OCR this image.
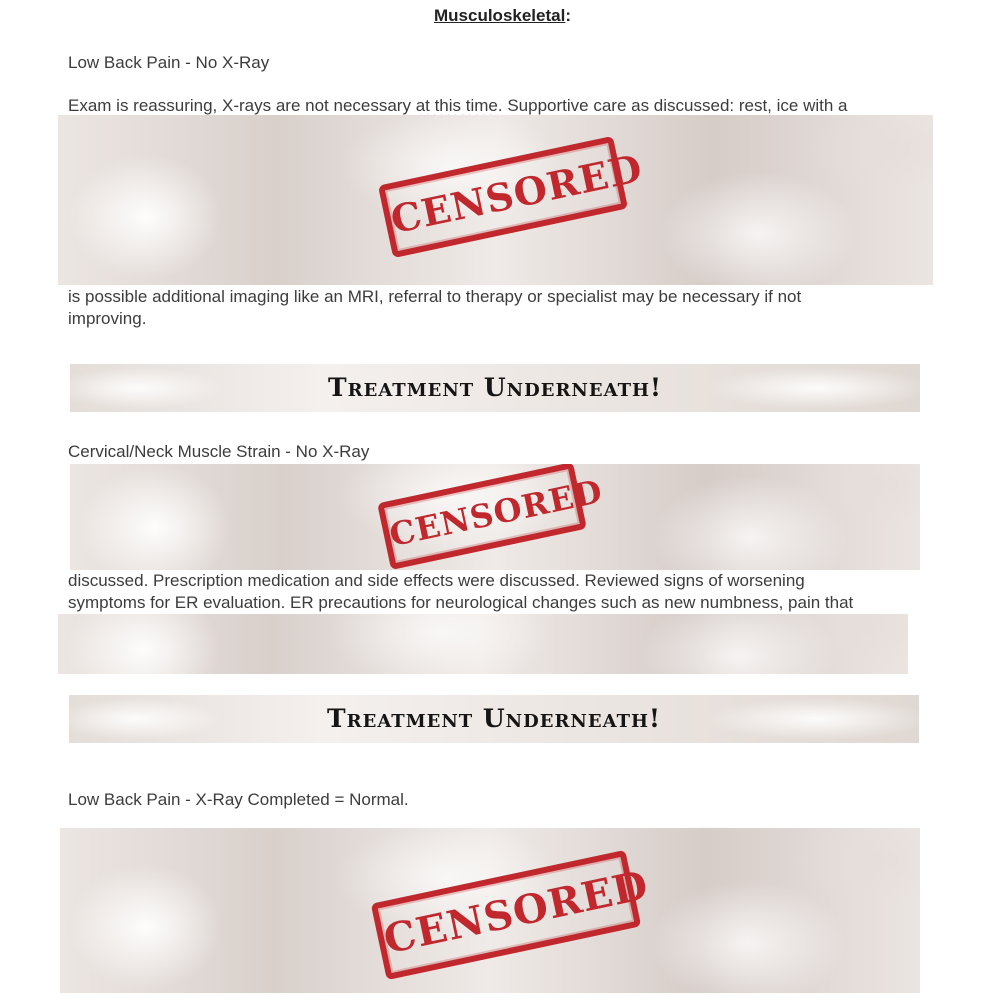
Musculoskeletal:
Low Back Pain - No X-Ray
Exam is reassuring, X-rays are not necessary at this time. Supportive care as discussed: rest, ice with a
CENSORED
is possible additional imaging like an MRI, referral to therapy or specialist may be necessary if not
improving.
Treatment Underneath!
Cervical/Neck Muscle Strain - No X-Ray
CENSORED
discussed. Prescription medication and side effects were discussed. Reviewed signs of worsening
symptoms for ER evaluation. ER precautions for neurological changes such as new numbness, pain that
Treatment Underneath!
Low Back Pain - X-Ray Completed = Normal.
CENSORED
